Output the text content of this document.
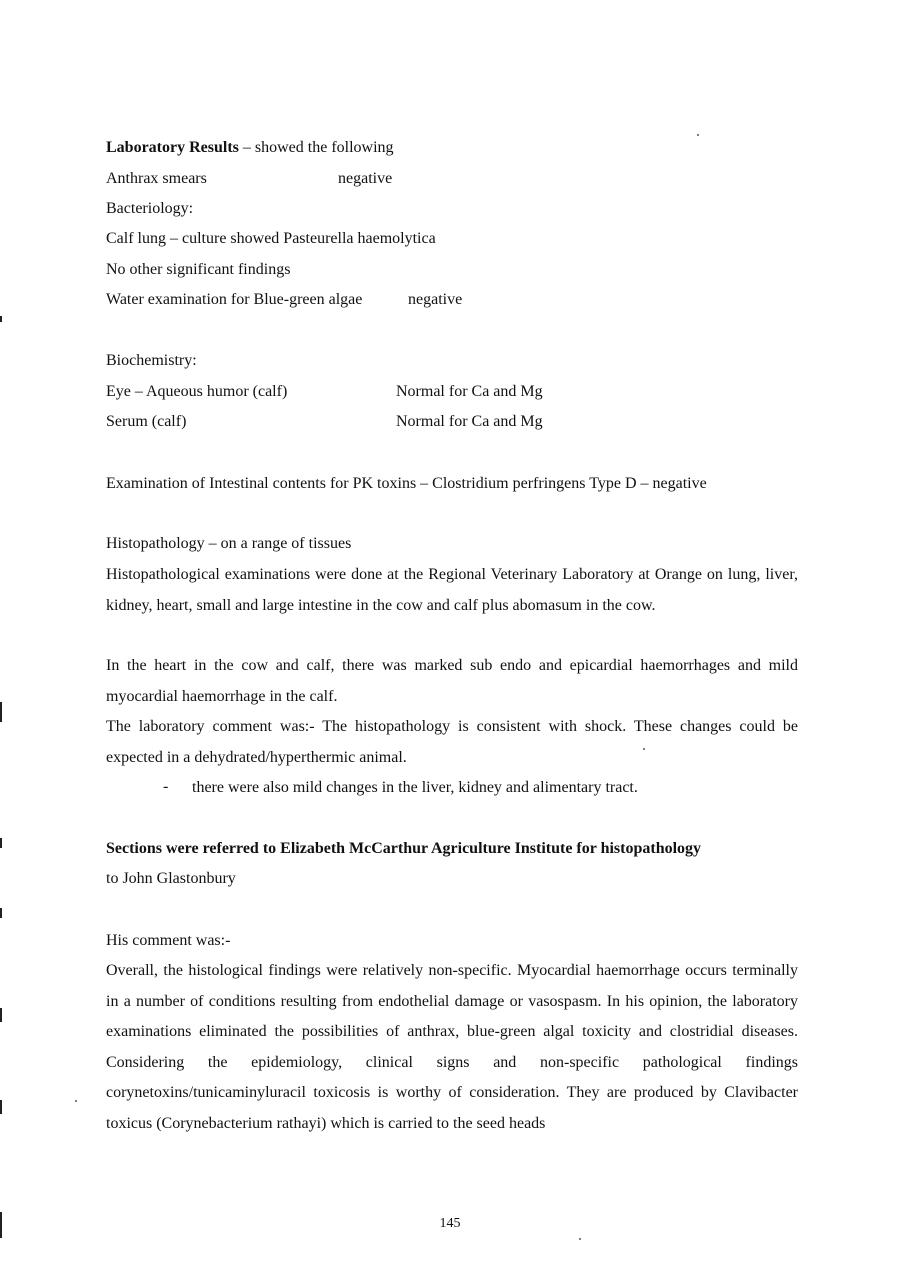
Laboratory Results – showed the following
Anthrax smears	negative
Bacteriology:
Calf lung – culture showed Pasteurella haemolytica
No other significant findings
Water examination for Blue-green algae	negative
Biochemistry:
Eye – Aqueous humor (calf)	Normal for Ca and Mg
Serum (calf)	Normal for Ca and Mg
Examination of Intestinal contents for PK toxins – Clostridium perfringens Type D – negative
Histopathology – on a range of tissues
Histopathological examinations were done at the Regional Veterinary Laboratory at Orange on lung, liver, kidney, heart, small and large intestine in the cow and calf plus abomasum in the cow.
In the heart in the cow and calf, there was marked sub endo and epicardial haemorrhages and mild myocardial haemorrhage in the calf.
The laboratory comment was:- The histopathology is consistent with shock. These changes could be expected in a dehydrated/hyperthermic animal.
- there were also mild changes in the liver, kidney and alimentary tract.
Sections were referred to Elizabeth McCarthur Agriculture Institute for histopathology
to John Glastonbury
His comment was:-
Overall, the histological findings were relatively non-specific. Myocardial haemorrhage occurs terminally in a number of conditions resulting from endothelial damage or vasospasm. In his opinion, the laboratory examinations eliminated the possibilities of anthrax, blue-green algal toxicity and clostridial diseases. Considering the epidemiology, clinical signs and non-specific pathological findings corynetoxins/tunicaminyluracil toxicosis is worthy of consideration. They are produced by Clavibacter toxicus (Corynebacterium rathayi) which is carried to the seed heads
145
